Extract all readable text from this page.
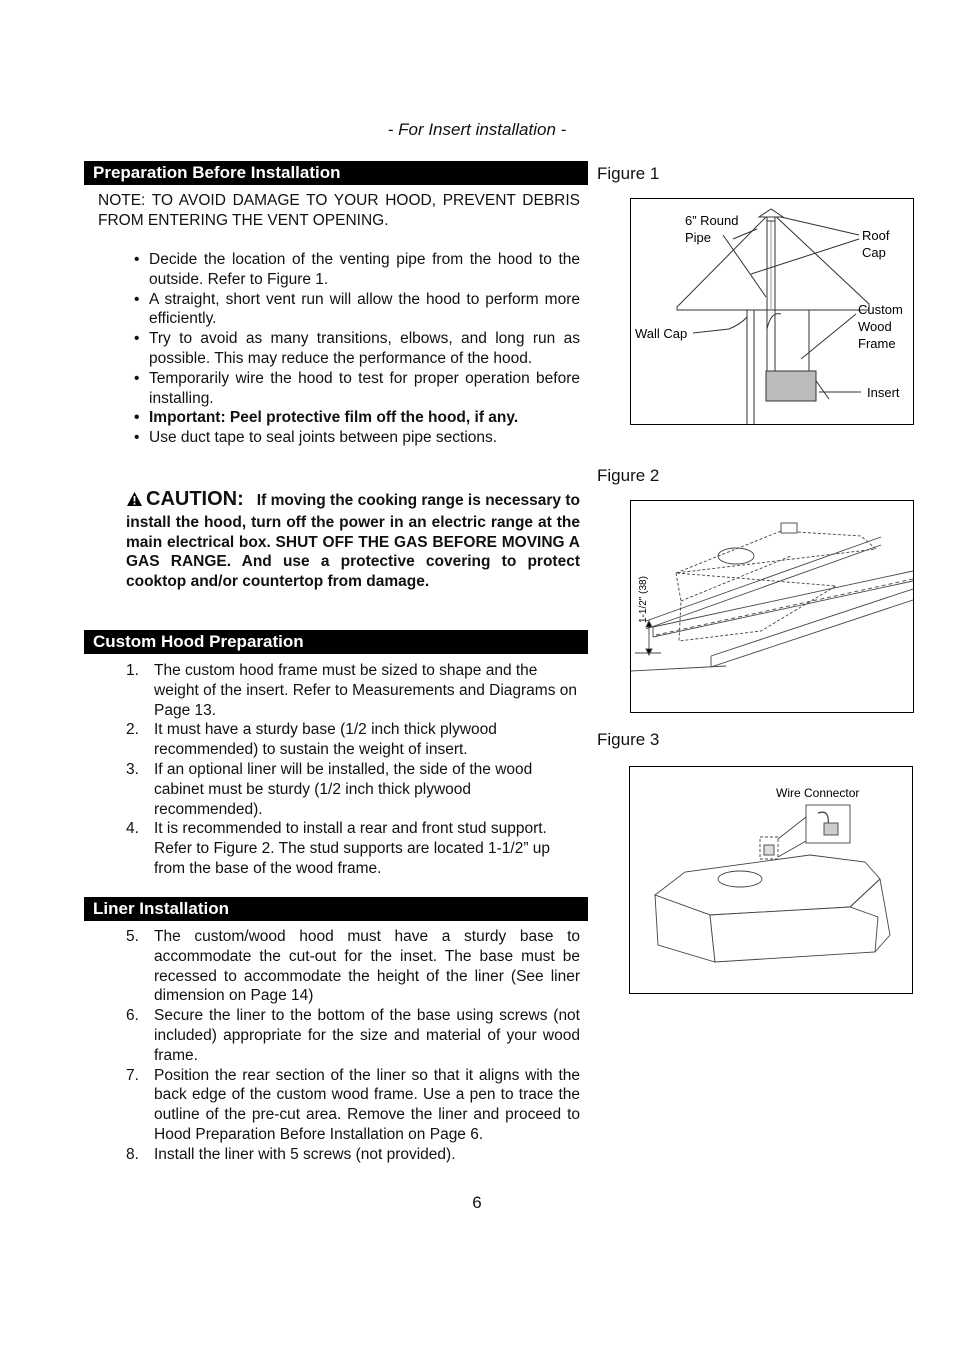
- For Insert installation -
Preparation Before Installation
NOTE: TO AVOID DAMAGE TO YOUR HOOD, PREVENT DEBRIS FROM ENTERING THE VENT OPENING.
• Decide the location of the venting pipe from the hood to the outside. Refer to Figure 1.
• A straight, short vent run will allow the hood to perform more efficiently.
• Try to avoid as many transitions, elbows, and long run as possible. This may reduce the performance of the hood.
• Temporarily wire the hood to test for proper operation before installing.
• Important: Peel protective film off the hood, if any.
• Use duct tape to seal joints between pipe sections.
CAUTION: If moving the cooking range is necessary to install the hood, turn off the power in an electric range at the main electrical box. SHUT OFF THE GAS BEFORE MOVING A GAS RANGE. And use a protective covering to protect cooktop and/or countertop from damage.
Custom Hood Preparation
1. The custom hood frame must be sized to shape and the weight of the insert. Refer to Measurements and Diagrams on Page 13.
2. It must have a sturdy base (1/2 inch thick plywood recommended) to sustain the weight of insert.
3. If an optional liner will be installed, the side of the wood cabinet must be sturdy (1/2 inch thick plywood recommended).
4. It is recommended to install a rear and front stud support. Refer to Figure 2. The stud supports are located 1-1/2” up from the base of the wood frame.
Liner Installation
5. The custom/wood hood must have a sturdy base to accommodate the cut-out for the inset. The base must be recessed to accommodate the height of the liner (See liner dimension on Page 14)
6. Secure the liner to the bottom of the base using screws (not included) appropriate for the size and material of your wood frame.
7. Position the rear section of the liner so that it aligns with the back edge of the custom wood frame. Use a pen to trace the outline of the pre-cut area. Remove the liner and proceed to Hood Preparation Before Installation on Page 6.
8. Install the liner with 5 screws (not provided).
Figure 1
6” Round
Pipe	Roof
Cap
Wall Cap
Custom
Wood
Frame
Insert
Figure 2
1-1/2" (38)
Figure 3
Wire Connector
6
